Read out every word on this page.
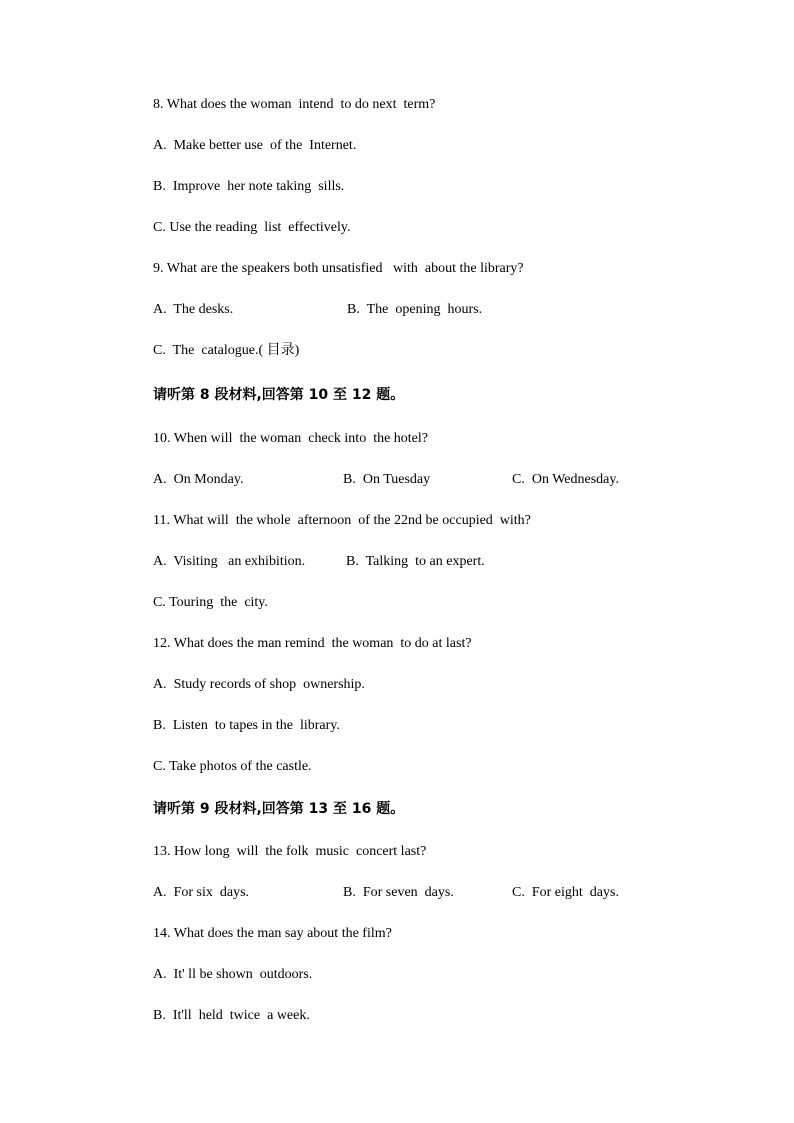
8. What does the woman  intend  to do next  term?
A.  Make better use  of the  Internet.
B.  Improve  her note taking  sills.
C. Use the reading  list  effectively.
9. What are the speakers both unsatisfied   with  about the library?
A.  The desks.	B.  The  opening  hours.
C.  The  catalogue.( 目录)
请听第 8 段材料,回答第 10 至 12 题。
10. When will  the woman  check into  the hotel?
A.  On Monday.	B.  On Tuesday	C.  On Wednesday.
11. What will  the whole  afternoon  of the 22nd be occupied  with?
A.  Visiting   an exhibition.	B.  Talking  to an expert.
C. Touring  the  city.
12. What does the man remind  the woman  to do at last?
A.  Study records of shop  ownership.
B.  Listen  to tapes in the  library.
C. Take photos of the castle.
请听第 9 段材料,回答第 13 至 16 题。
13. How long  will  the folk  music  concert last?
A.  For six  days.	B.  For seven  days.	C.  For eight  days.
14. What does the man say about the film?
A.  It' ll be shown  outdoors.
B.  It'll  held  twice  a week.
